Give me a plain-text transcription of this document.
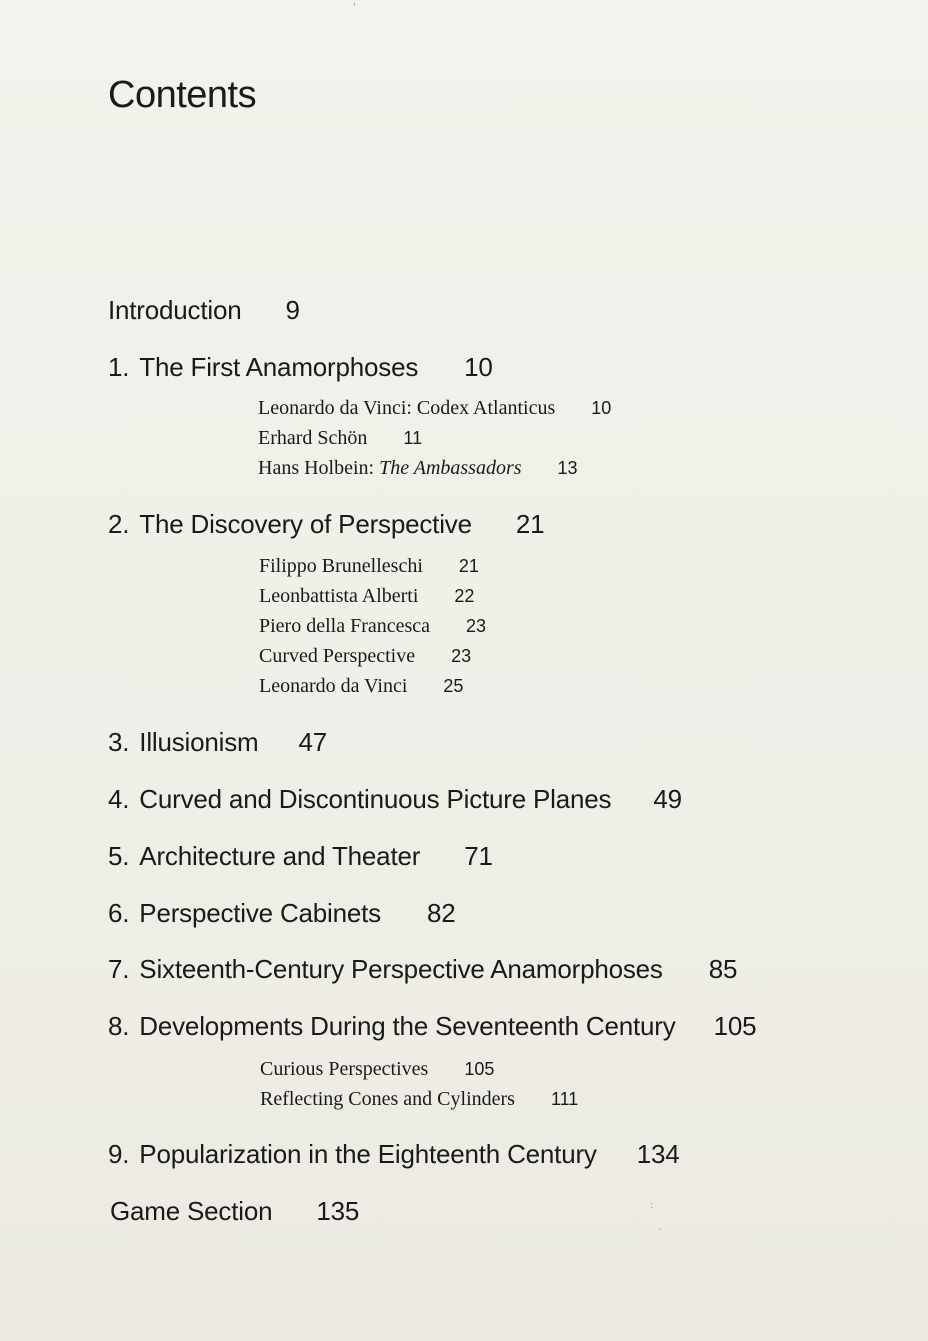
Contents
Introduction 9
1. The First Anamorphoses 10
Leonardo da Vinci: Codex Atlanticus 10
Erhard Schön 11
Hans Holbein: The Ambassadors 13
2. The Discovery of Perspective 21
Filippo Brunelleschi 21
Leonbattista Alberti 22
Piero della Francesca 23
Curved Perspective 23
Leonardo da Vinci 25
3. Illusionism 47
4. Curved and Discontinuous Picture Planes 49
5. Architecture and Theater 71
6. Perspective Cabinets 82
7. Sixteenth-Century Perspective Anamorphoses 85
8. Developments During the Seventeenth Century 105
Curious Perspectives 105
Reflecting Cones and Cylinders 111
9. Popularization in the Eighteenth Century 134
Game Section 135
'
:
.
